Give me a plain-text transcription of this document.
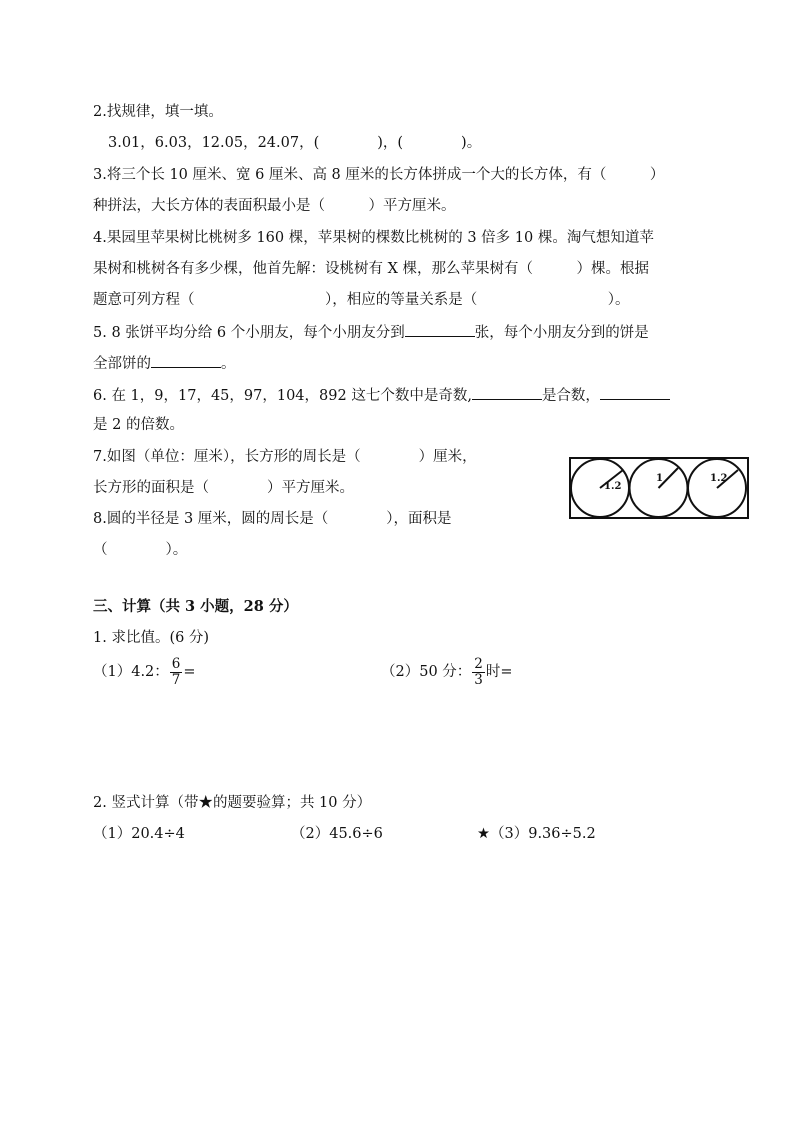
2.找规律，填一填。
3.01，6.03，12.05，24.07，(　　　　)，(　　　　)。
3.将三个长 10 厘米、宽 6 厘米、高 8 厘米的长方体拼成一个大的长方体，有（　　　）
种拼法，大长方体的表面积最小是（　　　）平方厘米。
4.果园里苹果树比桃树多 160 棵，苹果树的棵数比桃树的 3 倍多 10 棵。淘气想知道苹
果树和桃树各有多少棵，他首先解：设桃树有 X 棵，那么苹果树有（　　　）棵。根据
题意可列方程（　　　　　　　　　），相应的等量关系是（　　　　　　　　　）。
5. 8 张饼平均分给 6 个小朋友，每个小朋友分到	张，每个小朋友分到的饼是
全部饼的	。
6. 在 1，9，17，45，97，104，892 这七个数中是奇数,	是合数，
是 2 的倍数。
7.如图（单位：厘米），长方形的周长是（　　　　）厘米，
长方形的面积是（　　　　）平方厘米。	1.2
1	1.2
8.圆的半径是 3 厘米，圆的周长是（　　　　），面积是
（　　　　）。
三、计算（共 3 小题，28 分）
1. 求比值。(6 分)
（1）4.2： $\frac{6}{7}$ =	（2）50 分： $\frac{2}{3}$ 时=
2. 竖式计算（带★的题要验算；共 10 分）
（1）20.4÷4	（2）45.6÷6	★（3）9.36÷5.2
